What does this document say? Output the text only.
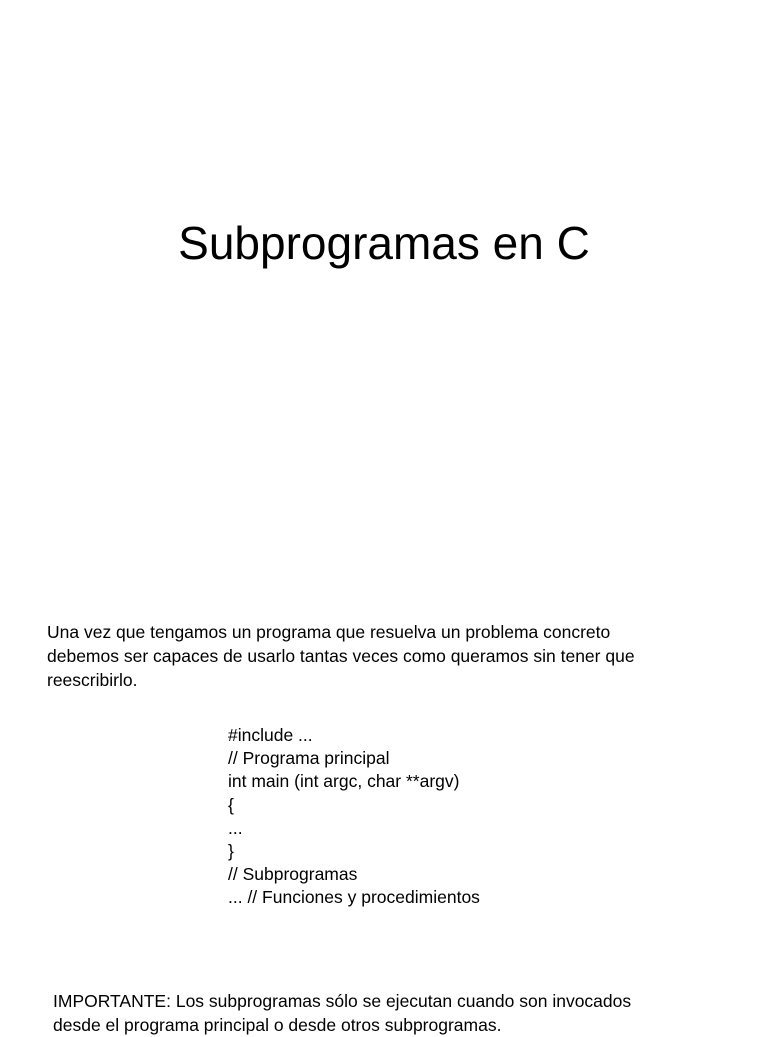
Subprogramas en C

Una vez que tengamos un programa que resuelva un problema concreto
debemos ser capaces de usarlo tantas veces como queramos sin tener que
reescribirlo.

#include ...
// Programa principal
int main (int argc, char **argv)
{
...
}
// Subprogramas
... // Funciones y procedimientos

IMPORTANTE: Los subprogramas sólo se ejecutan cuando son invocados
desde el programa principal o desde otros subprogramas.
